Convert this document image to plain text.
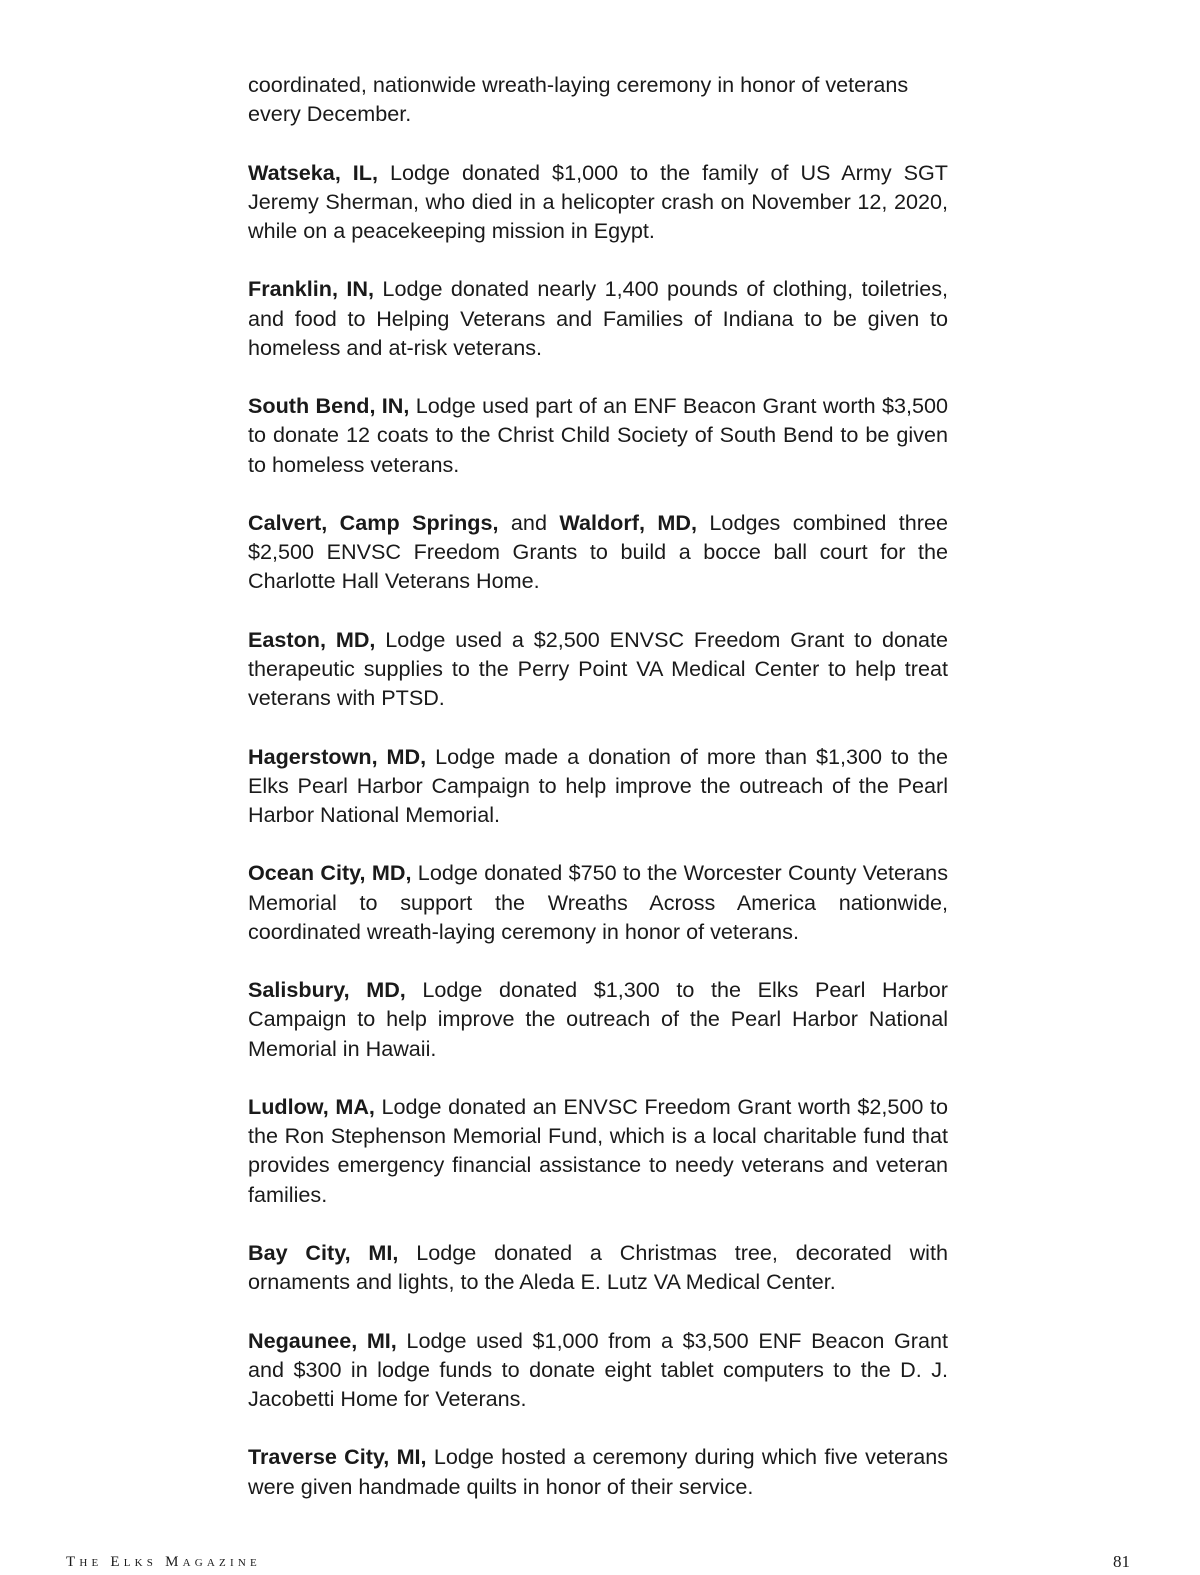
coordinated, nationwide wreath-laying ceremony in honor of veterans every December.

Watseka, IL, Lodge donated $1,000 to the family of US Army SGT Jeremy Sherman, who died in a helicopter crash on November 12, 2020, while on a peacekeeping mission in Egypt.

Franklin, IN, Lodge donated nearly 1,400 pounds of clothing, toiletries, and food to Helping Veterans and Families of Indiana to be given to homeless and at-risk veterans.

South Bend, IN, Lodge used part of an ENF Beacon Grant worth $3,500 to donate 12 coats to the Christ Child Society of South Bend to be given to homeless veterans.

Calvert, Camp Springs, and Waldorf, MD, Lodges combined three $2,500 ENVSC Freedom Grants to build a bocce ball court for the Charlotte Hall Veterans Home.

Easton, MD, Lodge used a $2,500 ENVSC Freedom Grant to donate therapeutic supplies to the Perry Point VA Medical Center to help treat veterans with PTSD.

Hagerstown, MD, Lodge made a donation of more than $1,300 to the Elks Pearl Harbor Campaign to help improve the outreach of the Pearl Harbor National Memorial.

Ocean City, MD, Lodge donated $750 to the Worcester County Veterans Memorial to support the Wreaths Across America nationwide, coordinated wreath-laying ceremony in honor of veterans.

Salisbury, MD, Lodge donated $1,300 to the Elks Pearl Harbor Campaign to help improve the outreach of the Pearl Harbor National Memorial in Hawaii.

Ludlow, MA, Lodge donated an ENVSC Freedom Grant worth $2,500 to the Ron Stephenson Memorial Fund, which is a local charitable fund that provides emergency financial assistance to needy veterans and veteran families.

Bay City, MI, Lodge donated a Christmas tree, decorated with ornaments and lights, to the Aleda E. Lutz VA Medical Center.

Negaunee, MI, Lodge used $1,000 from a $3,500 ENF Beacon Grant and $300 in lodge funds to donate eight tablet computers to the D. J. Jacobetti Home for Veterans.

Traverse City, MI, Lodge hosted a ceremony during which five veterans were given handmade quilts in honor of their service.

The Elks Magazine	81
